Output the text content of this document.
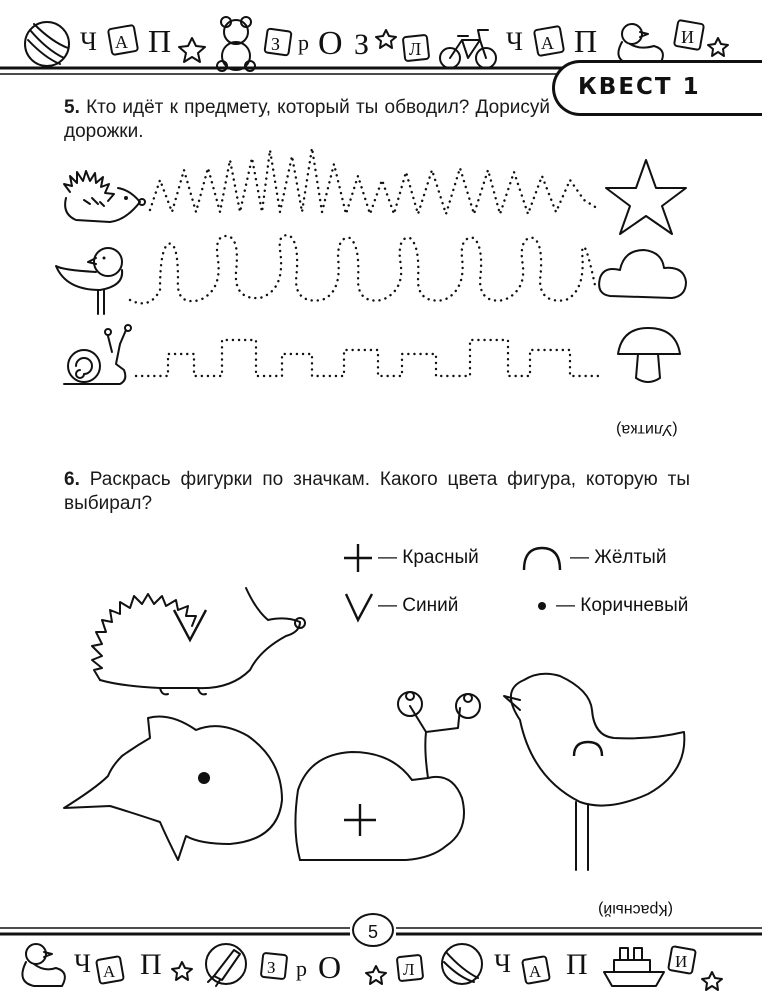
Ч А П	З р О З Л	Ч А П	И
КВЕСТ 1
5. Кто идёт к предмету, который ты обводил? Дорисуй дорожки.
(Улитка)
6. Раскрась фигурки по значкам. Какого цвета фигура, которую ты выбирал?
— Красный	— Жёлтый
— Синий	— Коричневый
(Красный)
Ч А П	З р О	Л	Ч А П	И
5
